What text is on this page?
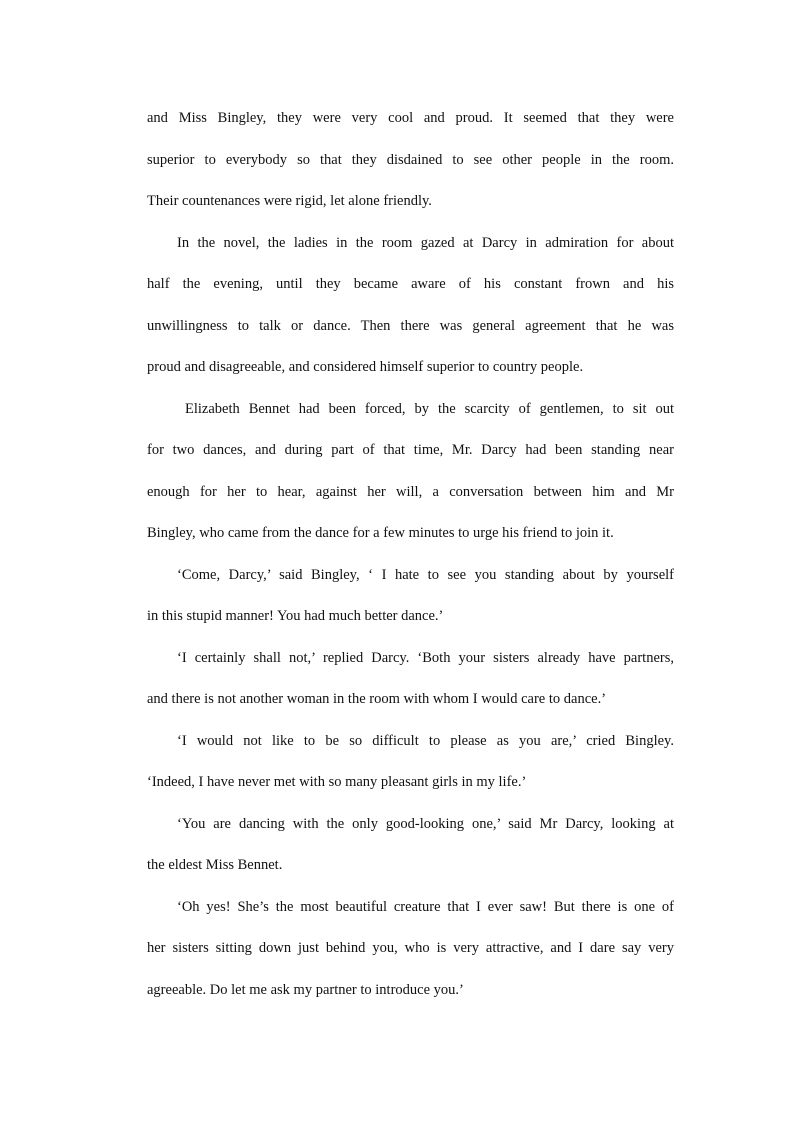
and Miss Bingley, they were very cool and proud. It seemed that they were
superior to everybody so that they disdained to see other people in the room.
Their countenances were rigid, let alone friendly.
In the novel, the ladies in the room gazed at Darcy in admiration for about
half the evening, until they became aware of his constant frown and his
unwillingness to talk or dance. Then there was general agreement that he was
proud and disagreeable, and considered himself superior to country people.
Elizabeth Bennet had been forced, by the scarcity of gentlemen, to sit out
for two dances, and during part of that time, Mr. Darcy had been standing near
enough for her to hear, against her will, a conversation between him and Mr
Bingley, who came from the dance for a few minutes to urge his friend to join it.
‘Come, Darcy,’ said Bingley, ‘ I hate to see you standing about by yourself
in this stupid manner! You had much better dance.’
‘I certainly shall not,’ replied Darcy. ‘Both your sisters already have partners,
and there is not another woman in the room with whom I would care to dance.’
‘I would not like to be so difficult to please as you are,’ cried Bingley.
‘Indeed, I have never met with so many pleasant girls in my life.’
‘You are dancing with the only good-looking one,’ said Mr Darcy, looking at
the eldest Miss Bennet.
‘Oh yes! She’s the most beautiful creature that I ever saw! But there is one of
her sisters sitting down just behind you, who is very attractive, and I dare say very
agreeable. Do let me ask my partner to introduce you.’
